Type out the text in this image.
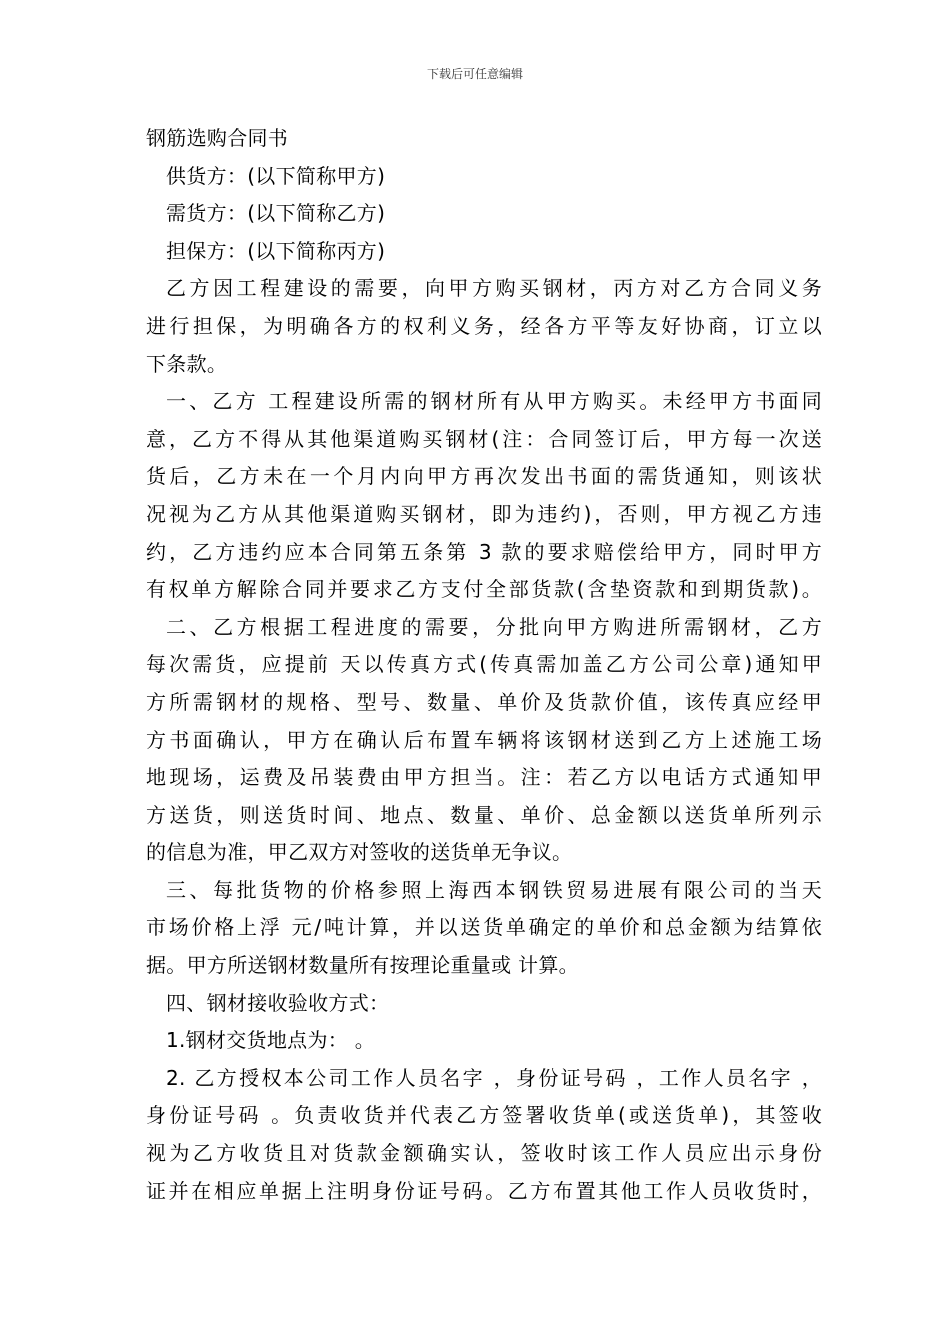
下载后可任意编辑
钢筋选购合同书
供货方：(以下简称甲方)
需货方：(以下简称乙方)
担保方：(以下简称丙方)
乙方因工程建设的需要，向甲方购买钢材，丙方对乙方合同义务
进行担保，为明确各方的权利义务，经各方平等友好协商，订立以
下条款。
一、乙方 工程建设所需的钢材所有从甲方购买。未经甲方书面同
意，乙方不得从其他渠道购买钢材(注：合同签订后，甲方每一次送
货后，乙方未在一个月内向甲方再次发出书面的需货通知，则该状
况视为乙方从其他渠道购买钢材，即为违约)，否则，甲方视乙方违
约，乙方违约应本合同第五条第 3 款的要求赔偿给甲方，同时甲方
有权单方解除合同并要求乙方支付全部货款(含垫资款和到期货款)。
二、乙方根据工程进度的需要，分批向甲方购进所需钢材，乙方
每次需货，应提前 天以传真方式(传真需加盖乙方公司公章)通知甲
方所需钢材的规格、型号、数量、单价及货款价值，该传真应经甲
方书面确认，甲方在确认后布置车辆将该钢材送到乙方上述施工场
地现场，运费及吊装费由甲方担当。注：若乙方以电话方式通知甲
方送货，则送货时间、地点、数量、单价、总金额以送货单所列示
的信息为准，甲乙双方对签收的送货单无争议。
三、每批货物的价格参照上海西本钢铁贸易进展有限公司的当天
市场价格上浮 元/吨计算，并以送货单确定的单价和总金额为结算依
据。甲方所送钢材数量所有按理论重量或 计算。
四、钢材接收验收方式：
1.钢材交货地点为： 。
2. 乙方授权本公司工作人员名字 ，身份证号码 ，工作人员名字 ，
身份证号码 。负责收货并代表乙方签署收货单(或送货单)，其签收
视为乙方收货且对货款金额确实认，签收时该工作人员应出示身份
证并在相应单据上注明身份证号码。乙方布置其他工作人员收货时，
